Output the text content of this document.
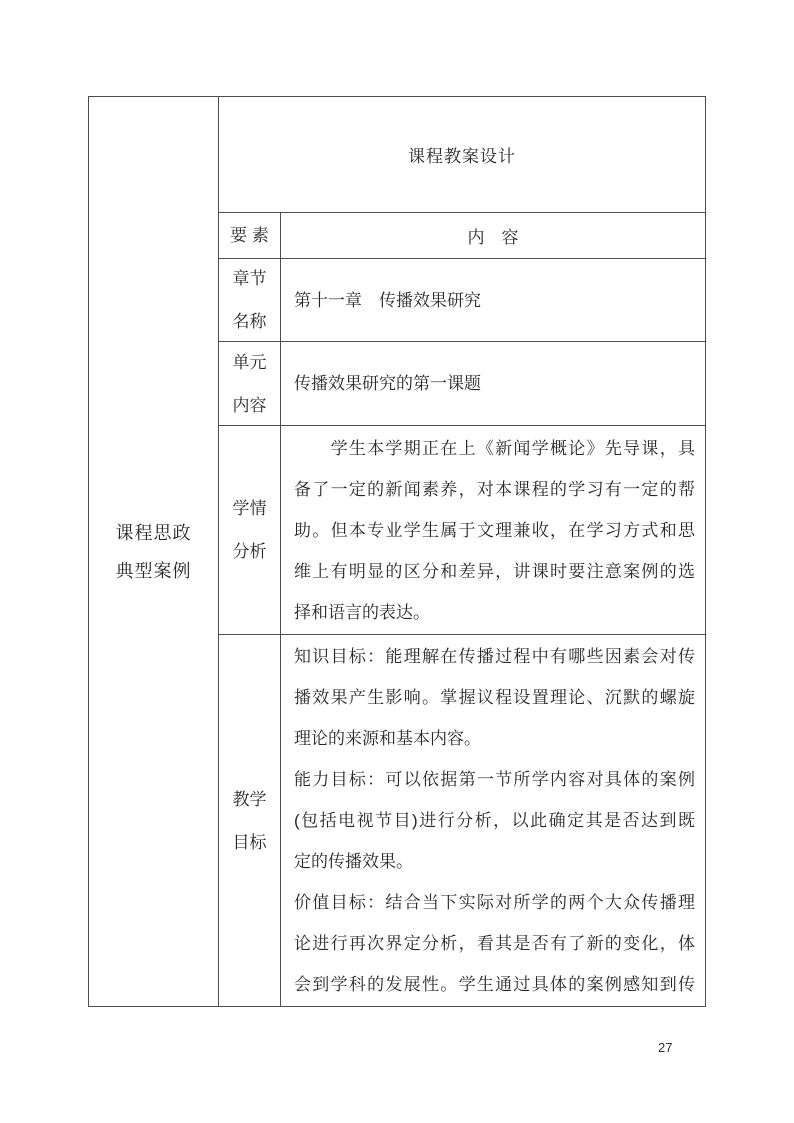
课程思政
典型案例
课程教案设计
要 素	内　容
章节
名称
第十一章　传播效果研究
单元
内容
传播效果研究的第一课题
学情
分析
　　学生本学期正在上《新闻学概论》先导课，具
备了一定的新闻素养，对本课程的学习有一定的帮
助。但本专业学生属于文理兼收，在学习方式和思
维上有明显的区分和差异，讲课时要注意案例的选
择和语言的表达。
教学
目标
知识目标：能理解在传播过程中有哪些因素会对传
播效果产生影响。掌握议程设置理论、沉默的螺旋
理论的来源和基本内容。
能力目标：可以依据第一节所学内容对具体的案例
(包括电视节目)进行分析，以此确定其是否达到既
定的传播效果。
价值目标：结合当下实际对所学的两个大众传播理
论进行再次界定分析，看其是否有了新的变化，体
会到学科的发展性。学生通过具体的案例感知到传
27
